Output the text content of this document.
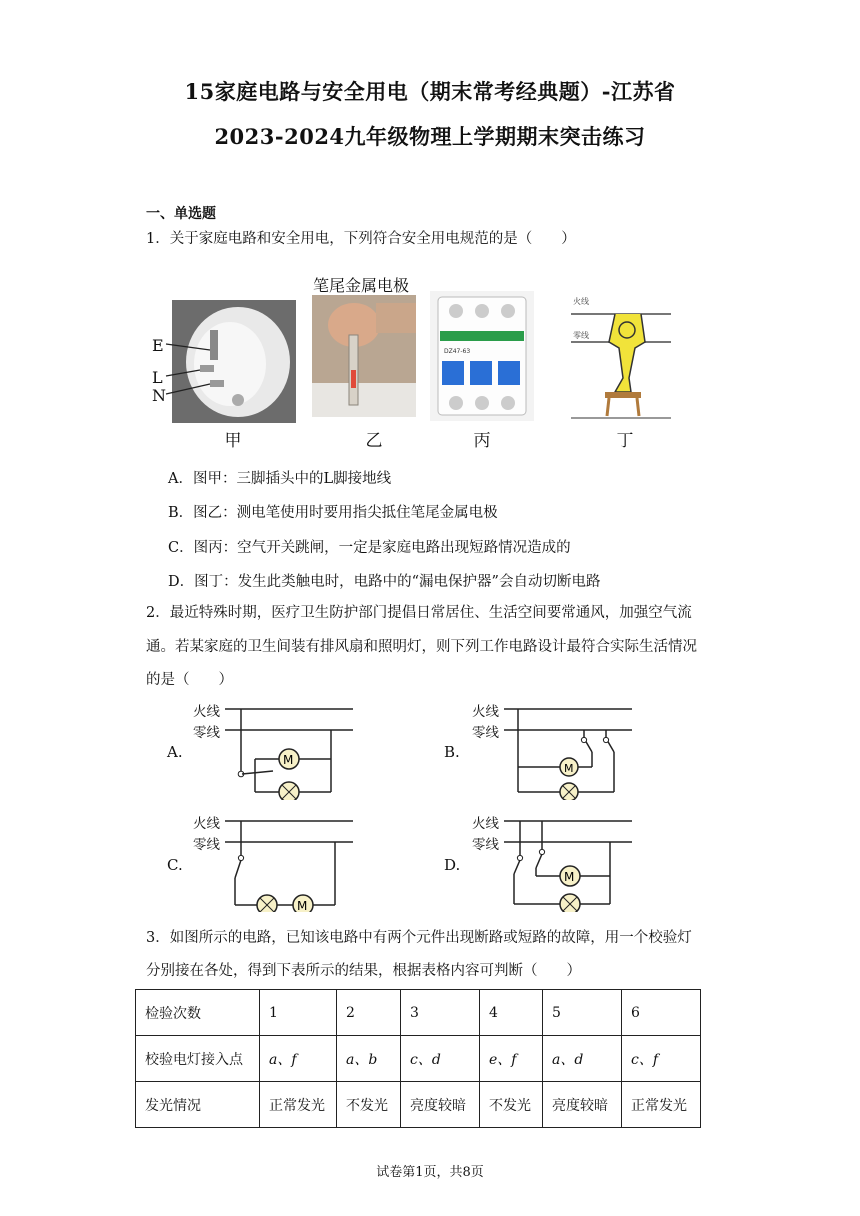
15家庭电路与安全用电（期末常考经典题）-江苏省
2023-2024九年级物理上学期期末突击练习
一、单选题
1．关于家庭电路和安全用电，下列符合安全用电规范的是（　　）
笔尾金属电极
E
L
N
DZ47-63
火线
零线
甲	乙	丙	丁
A．图甲：三脚插头中的L脚接地线
B．图乙：测电笔使用时要用指尖抵住笔尾金属电极
C．图丙：空气开关跳闸，一定是家庭电路出现短路情况造成的
D．图丁：发生此类触电时，电路中的“漏电保护器”会自动切断电路
2．最近特殊时期，医疗卫生防护部门提倡日常居住、生活空间要常通风，加强空气流
通。若某家庭的卫生间装有排风扇和照明灯，则下列工作电路设计最符合实际生活情况
的是（　　）
A.
火线
零线
M	B.
火线
零线
M
C.
火线
零线
M
D.
火线
零线
M
3．如图所示的电路，已知该电路中有两个元件出现断路或短路的故障，用一个校验灯
分别接在各处，得到下表所示的结果，根据表格内容可判断（　　）
检验次数	1	2	3	4	5	6
校验电灯接入点	a、f	a、b	c、d	e、f	a、d	c、f
发光情况	正常发光	不发光	亮度较暗	不发光	亮度较暗	正常发光
试卷第1页，共8页
